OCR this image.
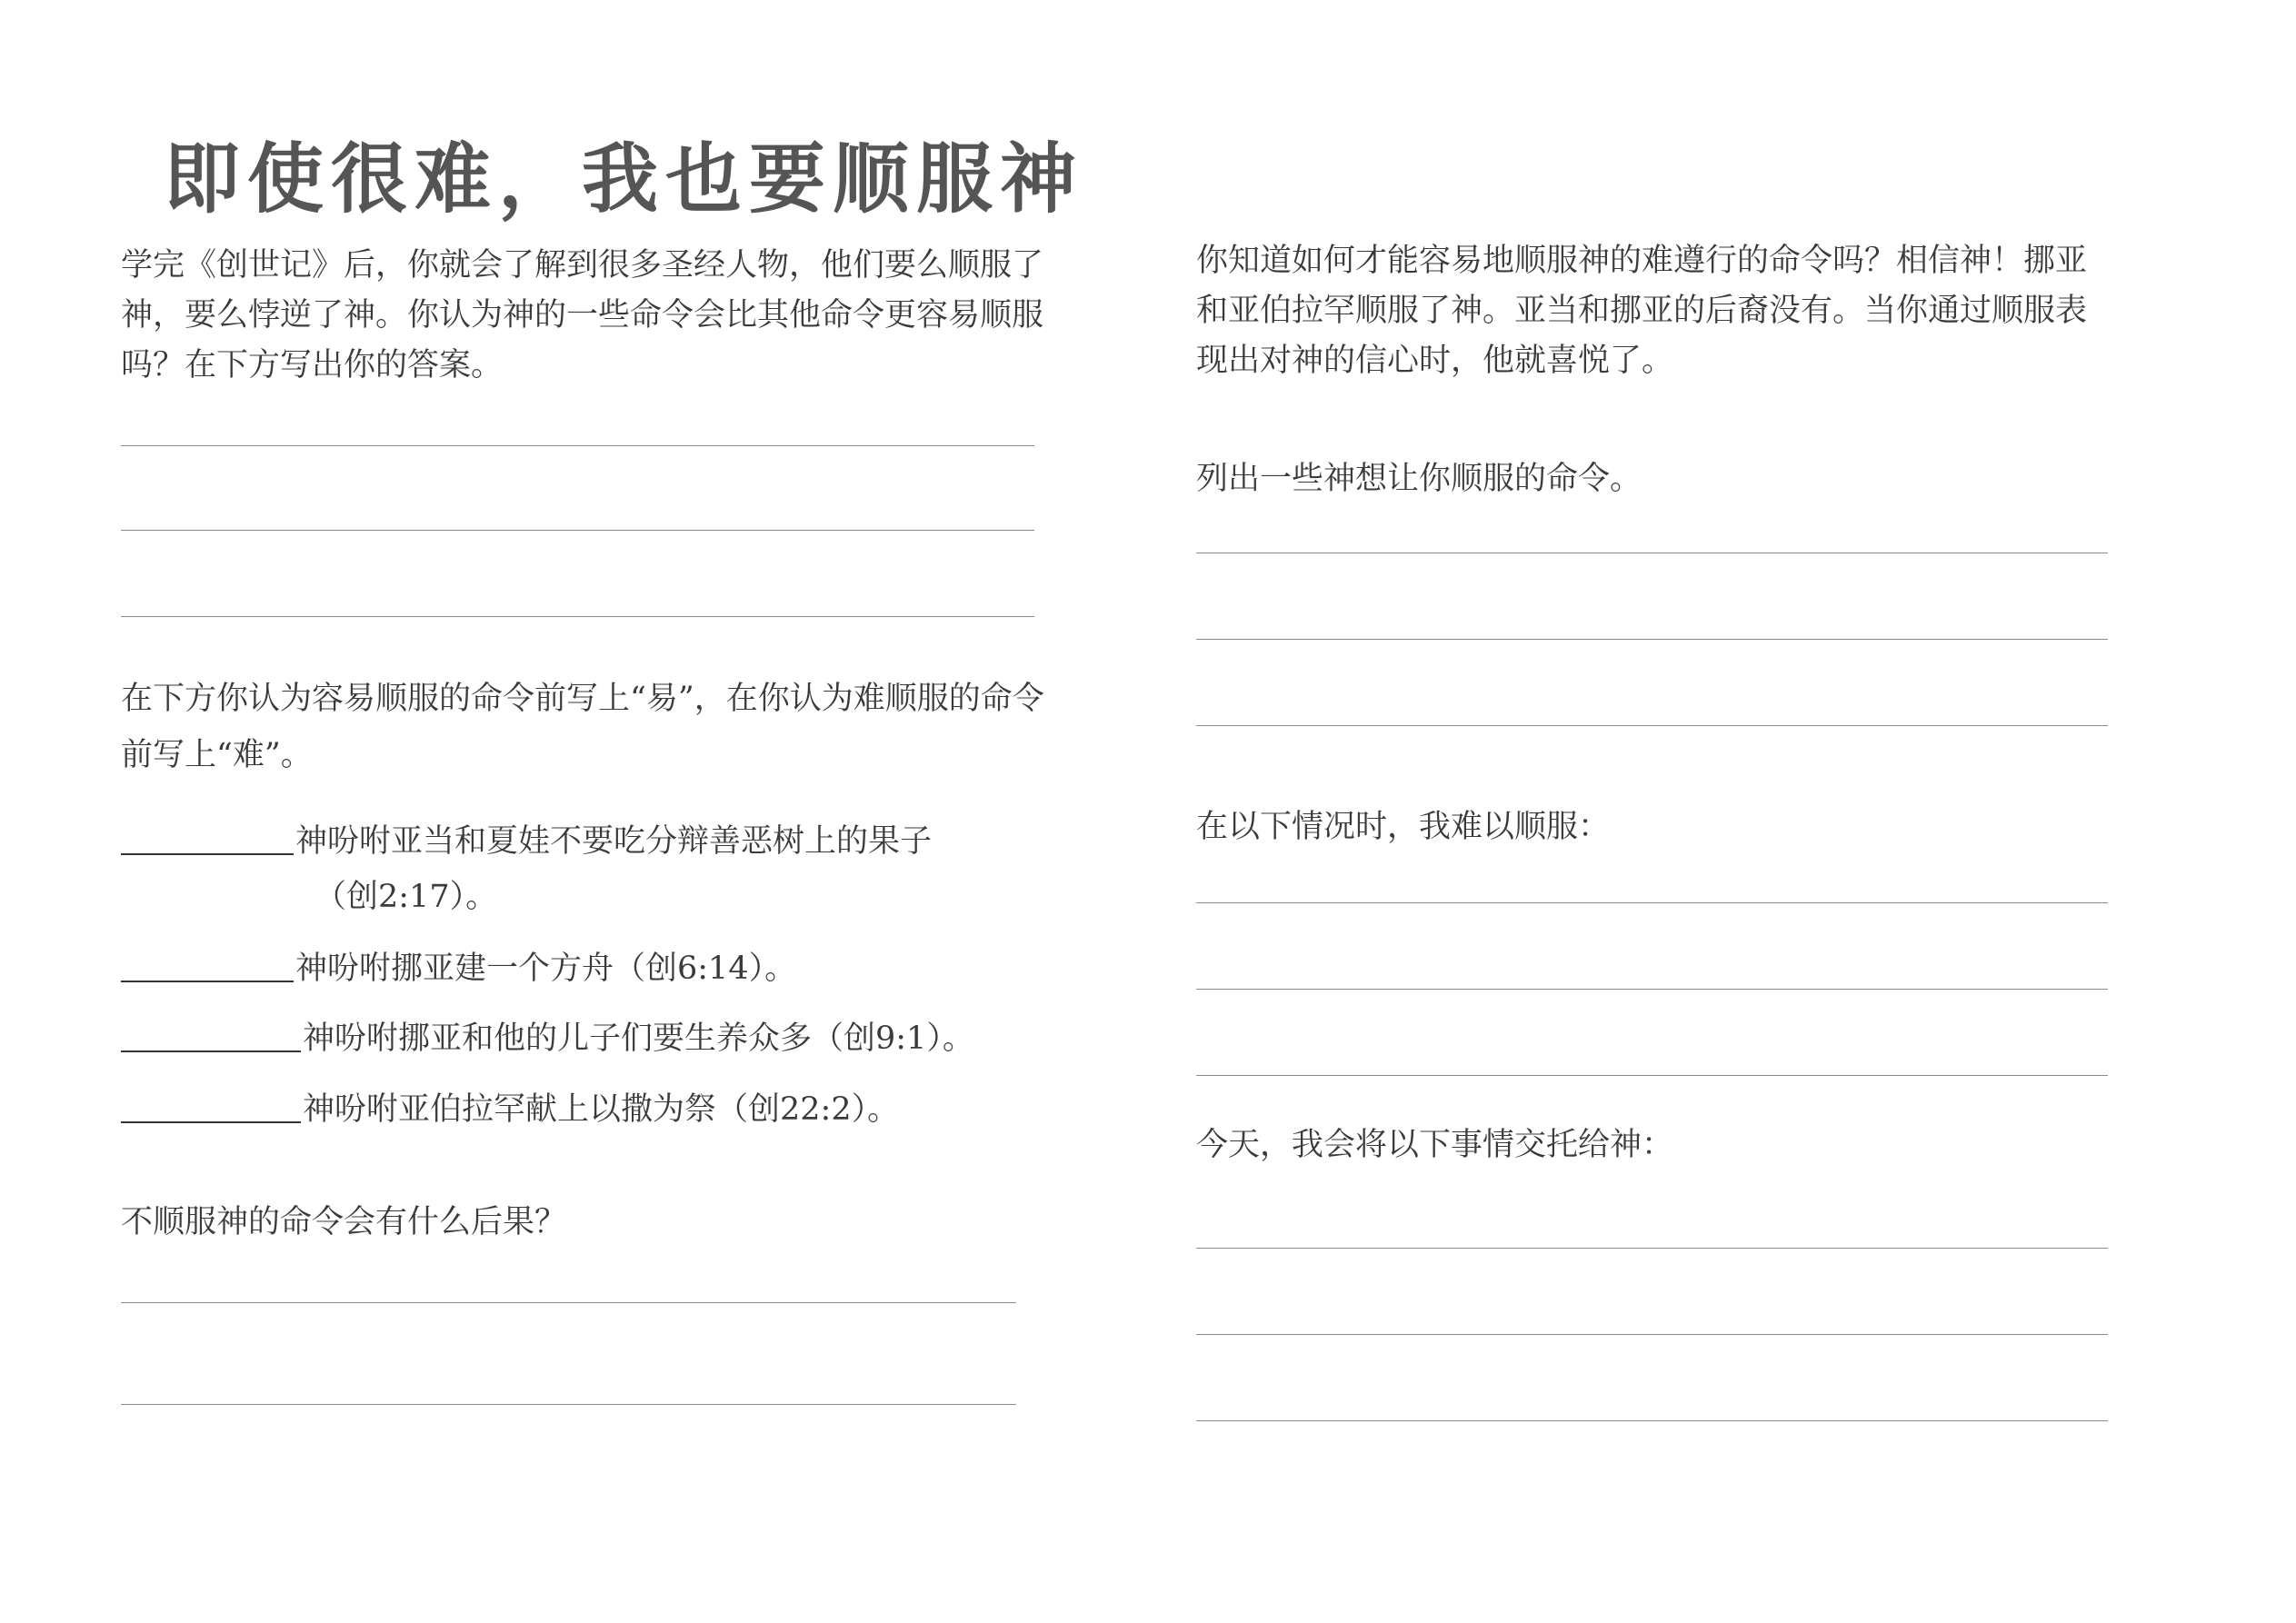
即使很难，我也要顺服神

学完《创世记》后，你就会了解到很多圣经人物，他们要么顺服了神，要么悖逆了神。你认为神的一些命令会比其他命令更容易顺服吗？在下方写出你的答案。

在下方你认为容易顺服的命令前写上“易”，在你认为难顺服的命令前写上“难”。

神吩咐亚当和夏娃不要吃分辩善恶树上的果子
（创2:17）。
神吩咐挪亚建一个方舟（创6:14）。
神吩咐挪亚和他的儿子们要生养众多（创9:1）。
神吩咐亚伯拉罕献上以撒为祭（创22:2）。

不顺服神的命令会有什么后果？

你知道如何才能容易地顺服神的难遵行的命令吗？相信神！挪亚和亚伯拉罕顺服了神。亚当和挪亚的后裔没有。当你通过顺服表现出对神的信心时，他就喜悦了。

列出一些神想让你顺服的命令。

在以下情况时，我难以顺服：

今天，我会将以下事情交托给神：
